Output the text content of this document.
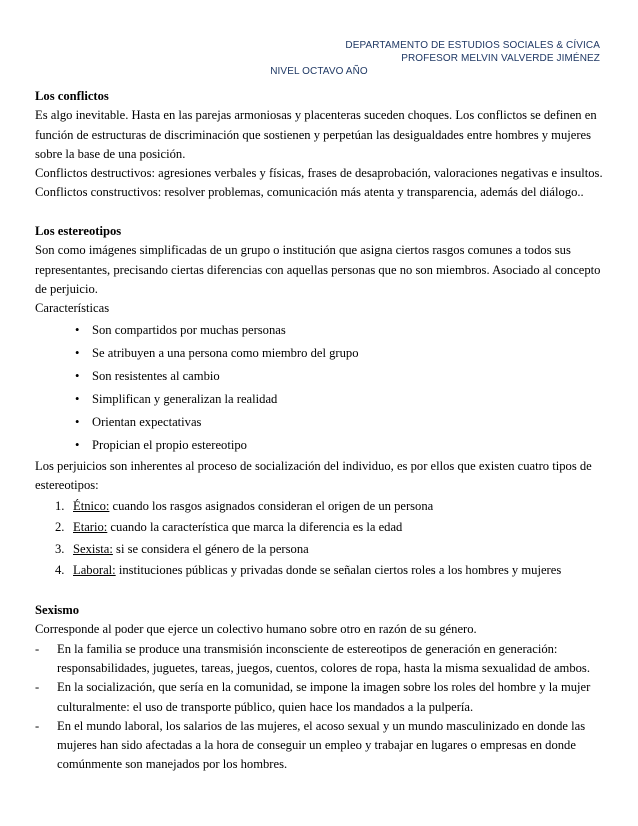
DEPARTAMENTO DE ESTUDIOS SOCIALES & CÍVICA
PROFESOR MELVIN VALVERDE JIMÉNEZ
NIVEL OCTAVO AÑO

Los conflictos

Es algo inevitable. Hasta en las parejas armoniosas y placenteras suceden choques. Los conflictos se definen en función de estructuras de discriminación que sostienen y perpetúan las desigualdades entre hombres y mujeres sobre la base de una posición.

Conflictos destructivos: agresiones verbales y físicas, frases de desaprobación, valoraciones negativas e insultos.

Conflictos constructivos: resolver problemas, comunicación más atenta y transparencia, además del diálogo..

Los estereotipos

Son como imágenes simplificadas de un grupo o institución que asigna ciertos rasgos comunes a todos sus representantes, precisando ciertas diferencias con aquellas personas que no son miembros. Asociado al concepto de perjuicio.

Características

• Son compartidos por muchas personas
• Se atribuyen a una persona como miembro del grupo
• Son resistentes al cambio
• Simplifican y generalizan la realidad
• Orientan expectativas
• Propician el propio estereotipo

Los perjuicios son inherentes al proceso de socialización del individuo, es por ellos que existen cuatro tipos de estereotipos:

1. Étnico: cuando los rasgos asignados consideran el origen de un persona
2. Etario: cuando la característica que marca la diferencia es la edad
3. Sexista: si se considera el género de la persona
4. Laboral: instituciones públicas y privadas donde se señalan ciertos roles a los hombres y mujeres

Sexismo

Corresponde al poder que ejerce un colectivo humano sobre otro en razón de su género.

- En la familia se produce una transmisión inconsciente de estereotipos de generación en generación: responsabilidades, juguetes, tareas, juegos, cuentos, colores de ropa, hasta la misma sexualidad de ambos.
- En la socialización, que sería en la comunidad, se impone la imagen sobre los roles del hombre y la mujer culturalmente: el uso de transporte público, quien hace los mandados a la pulpería.
- En el mundo laboral, los salarios de las mujeres, el acoso sexual y un mundo masculinizado en donde las mujeres han sido afectadas a la hora de conseguir un empleo y trabajar en lugares o empresas en donde comúnmente son manejados por los hombres.
